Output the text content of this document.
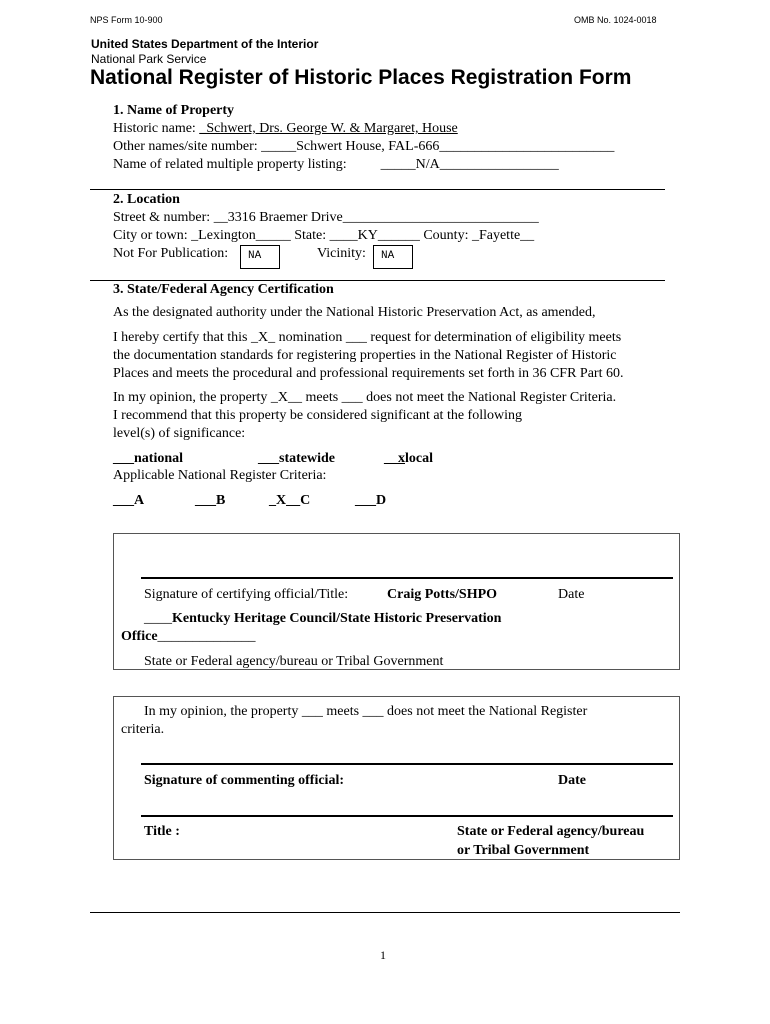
NPS Form 10-900	OMB No. 1024-0018
United States Department of the Interior
National Park Service
National Register of Historic Places Registration Form
1. Name of Property
Historic name: _Schwert, Drs. George W. & Margaret, House
Other names/site number: _____Schwert House, FAL-666_________________________
Name of related multiple property listing: _____N/A_________________
2. Location
Street & number: __3316 Braemer Drive____________________________
City or town: _Lexington_____ State: ____KY______ County: _Fayette__
Not For Publication:	NA	Vicinity:	NA
3. State/Federal Agency Certification
As the designated authority under the National Historic Preservation Act, as amended,
I hereby certify that this _X_ nomination ___ request for determination of eligibility meets
the documentation standards for registering properties in the National Register of Historic
Places and meets the procedural and professional requirements set forth in 36 CFR Part 60.
In my opinion, the property _X__ meets ___ does not meet the National Register Criteria.
I recommend that this property be considered significant at the following
level(s) of significance:
___national	___statewide	__xlocal
Applicable National Register Criteria:
___A	___B	_X__C	___D
Signature of certifying official/Title:	Craig Potts/SHPO	Date
____Kentucky Heritage Council/State Historic Preservation
Office______________
State or Federal agency/bureau or Tribal Government
In my opinion, the property ___ meets ___ does not meet the National Register
criteria.
Signature of commenting official:	Date
Title :	State or Federal agency/bureau
or Tribal Government
1
